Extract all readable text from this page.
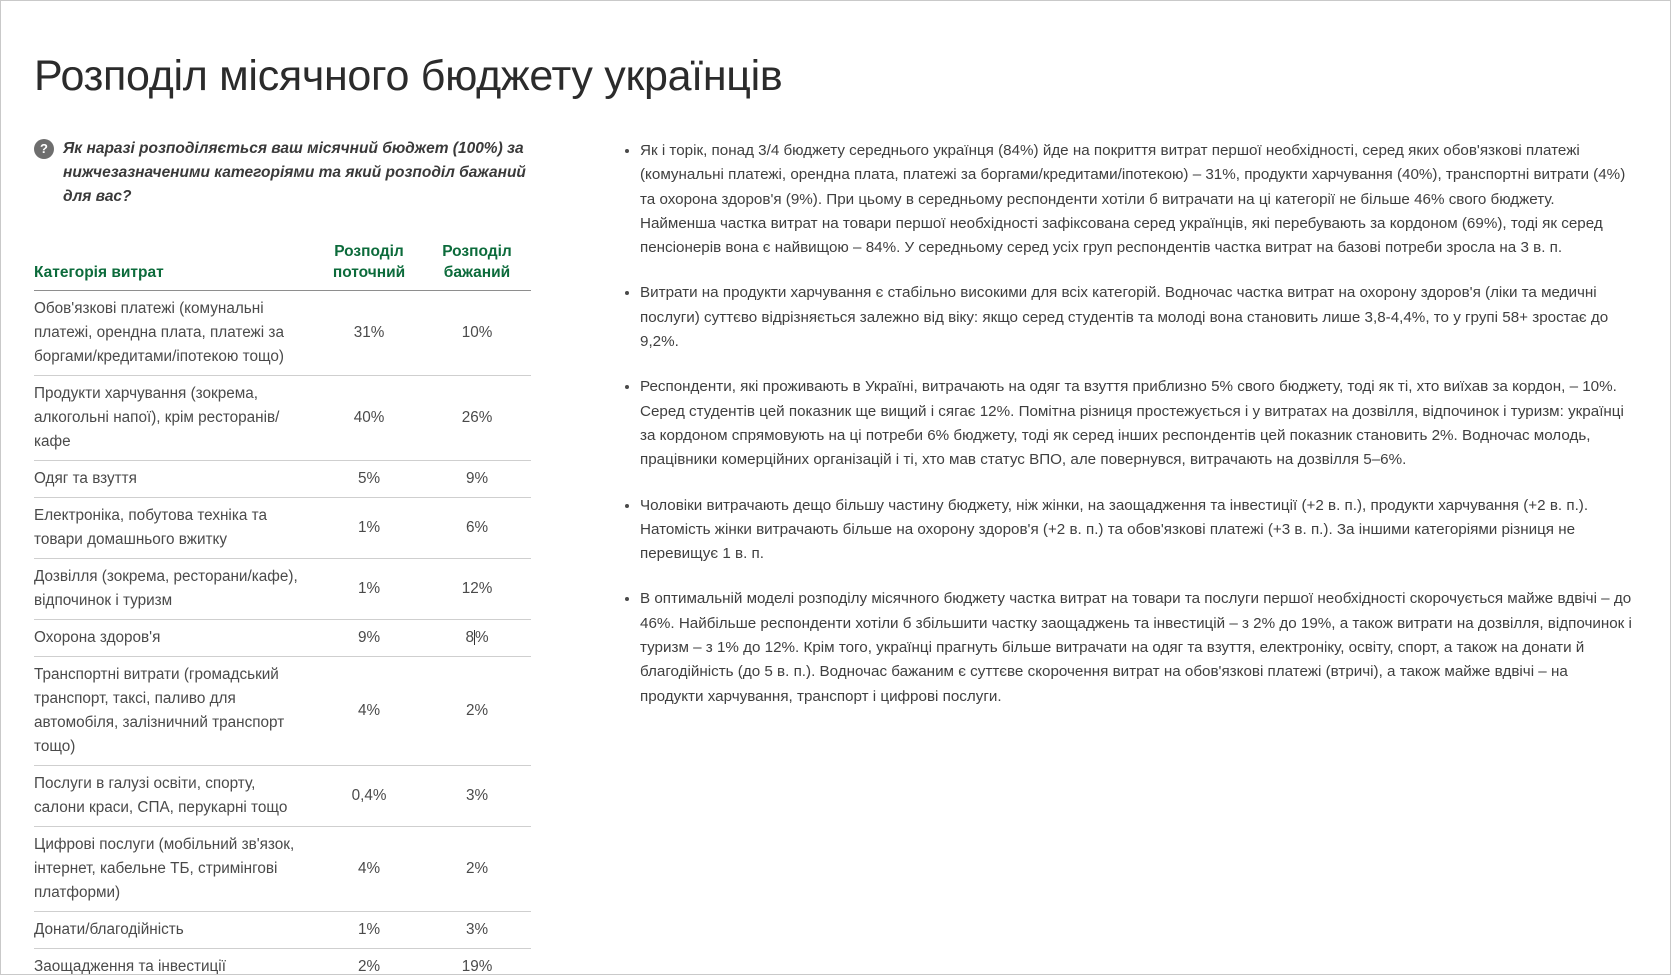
Розподіл місячного бюджету українців
? Як наразі розподіляється ваш місячний бюджет (100%) за нижчезазначеними категоріями та який розподіл бажаний для вас?
Категорія витрат	Розподіл поточний	Розподіл бажаний
Обов'язкові платежі (комунальні платежі, орендна плата, платежі за боргами/кредитами/іпотекою тощо)	31%	10%
Продукти харчування (зокрема, алкогольні напої), крім ресторанів/кафе	40%	26%
Одяг та взуття	5%	9%
Електроніка, побутова техніка та товари домашнього вжитку	1%	6%
Дозвілля (зокрема, ресторани/кафе), відпочинок і туризм	1%	12%
Охорона здоров'я	9%	8%
Транспортні витрати (громадський транспорт, таксі, паливо для автомобіля, залізничний транспорт тощо)	4%	2%
Послуги в галузі освіти, спорту, салони краси, СПА, перукарні тощо	0,4%	3%
Цифрові послуги (мобільний зв'язок, інтернет, кабельне ТБ, стримінгові платформи)	4%	2%
Донати/благодійність	1%	3%
Заощадження та інвестиції	2%	19%
Як і торік, понад 3/4 бюджету середнього українця (84%) йде на покриття витрат першої необхідності, серед яких обов'язкові платежі (комунальні платежі, орендна плата, платежі за боргами/кредитами/іпотекою) – 31%, продукти харчування (40%), транспортні витрати (4%) та охорона здоров'я (9%). При цьому в середньому респонденти хотіли б витрачати на ці категорії не більше 46% свого бюджету. Найменша частка витрат на товари першої необхідності зафіксована серед українців, які перебувають за кордоном (69%), тоді як серед пенсіонерів вона є найвищою – 84%. У середньому серед усіх груп респондентів частка витрат на базові потреби зросла на 3 в. п.
Витрати на продукти харчування є стабільно високими для всіх категорій. Водночас частка витрат на охорону здоров'я (ліки та медичні послуги) суттєво відрізняється залежно від віку: якщо серед студентів та молоді вона становить лише 3,8-4,4%, то у групі 58+ зростає до 9,2%.
Респонденти, які проживають в Україні, витрачають на одяг та взуття приблизно 5% свого бюджету, тоді як ті, хто виїхав за кордон, – 10%. Серед студентів цей показник ще вищий і сягає 12%. Помітна різниця простежується і у витратах на дозвілля, відпочинок і туризм: українці за кордоном спрямовують на ці потреби 6% бюджету, тоді як серед інших респондентів цей показник становить 2%. Водночас молодь, працівники комерційних організацій і ті, хто мав статус ВПО, але повернувся, витрачають на дозвілля 5–6%.
Чоловіки витрачають дещо більшу частину бюджету, ніж жінки, на заощадження та інвестиції (+2 в. п.), продукти харчування (+2 в. п.). Натомість жінки витрачають більше на охорону здоров'я (+2 в. п.) та обов'язкові платежі (+3 в. п.). За іншими категоріями різниця не перевищує 1 в. п.
В оптимальній моделі розподілу місячного бюджету частка витрат на товари та послуги першої необхідності скорочується майже вдвічі – до 46%. Найбільше респонденти хотіли б збільшити частку заощаджень та інвестицій – з 2% до 19%, а також витрати на дозвілля, відпочинок і туризм – з 1% до 12%. Крім того, українці прагнуть більше витрачати на одяг та взуття, електроніку, освіту, спорт, а також на донати й благодійність (до 5 в. п.). Водночас бажаним є суттєве скорочення витрат на обов'язкові платежі (втричі), а також майже вдвічі – на продукти харчування, транспорт і цифрові послуги.
